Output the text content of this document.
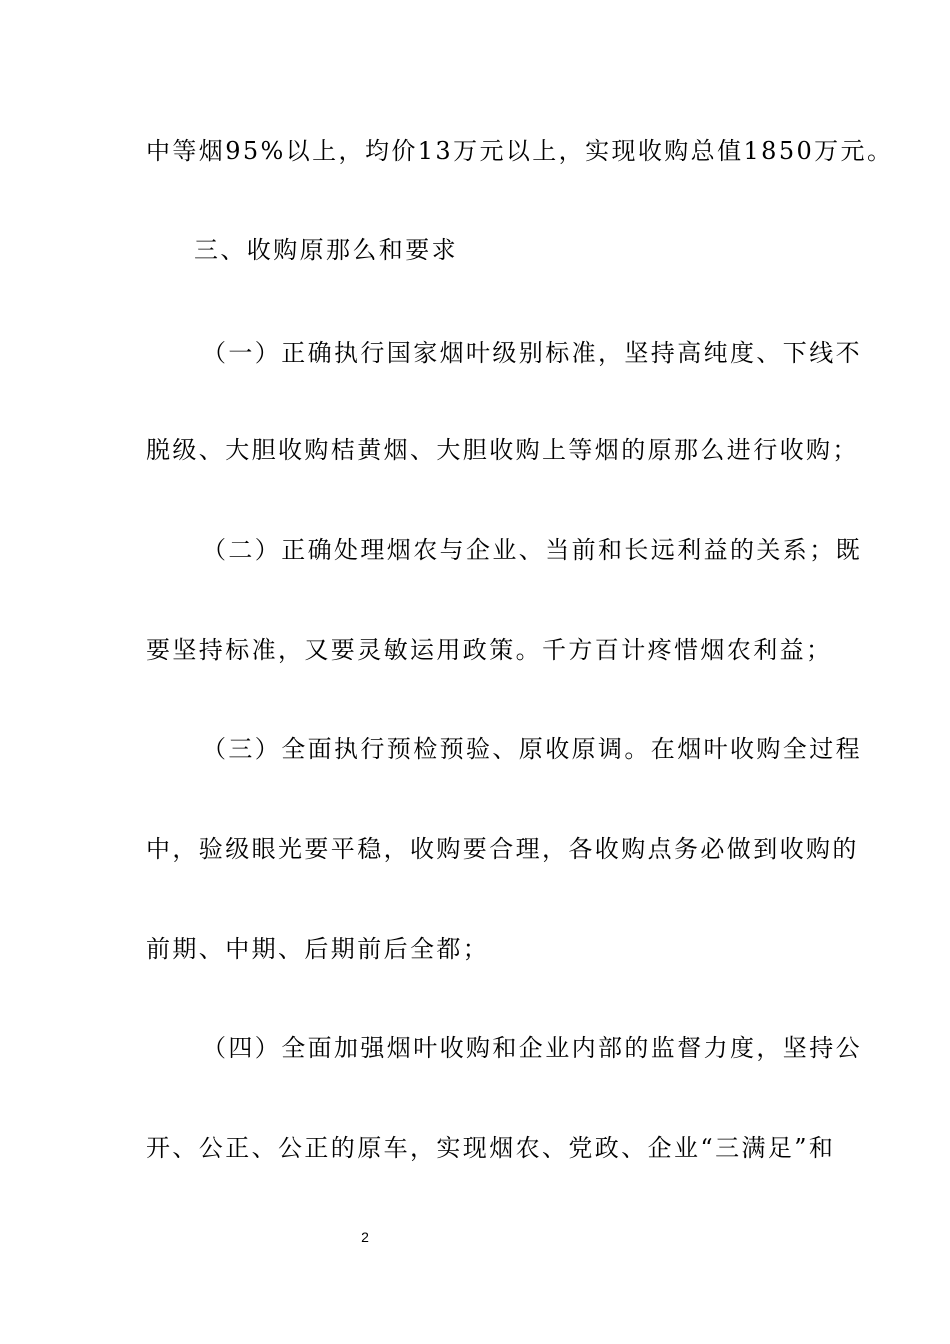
中等烟95%以上，均价13万元以上，实现收购总值1850万元。
三、收购原那么和要求
（一）正确执行国家烟叶级别标准，坚持高纯度、下线不
脱级、大胆收购桔黄烟、大胆收购上等烟的原那么进行收购；
（二）正确处理烟农与企业、当前和长远利益的关系；既
要坚持标准，又要灵敏运用政策。千方百计疼惜烟农利益；
（三）全面执行预检预验、原收原调。在烟叶收购全过程
中，验级眼光要平稳，收购要合理，各收购点务必做到收购的
前期、中期、后期前后全都；
（四）全面加强烟叶收购和企业内部的监督力度，坚持公
开、公正、公正的原车，实现烟农、党政、企业“三满足”和
2
